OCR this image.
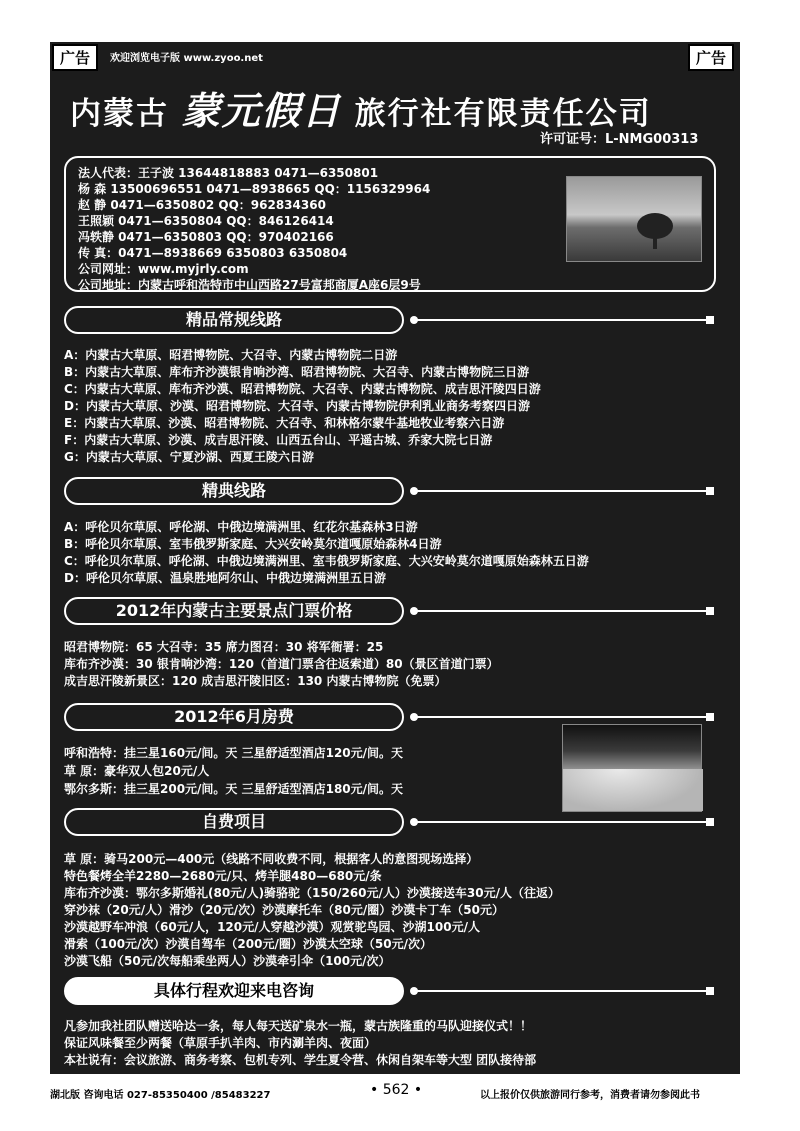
广告	广告
欢迎浏览电子版 www.zyoo.net
内蒙古 蒙元假日 旅行社有限责任公司
许可证号：L-NMG00313
法人代表：王子波 13644818883 0471—6350801
杨 森 13500696551 0471—8938665 QQ：1156329964
赵 静 0471—6350802 QQ：962834360
王照颖 0471—6350804 QQ：846126414
冯轶静 0471—6350803 QQ：970402166
传 真：0471—8938669 6350803 6350804
公司网址：www.myjrly.com
公司地址：内蒙古呼和浩特市中山西路27号富邦商厦A座6层9号
精品常规线路
A：内蒙古大草原、昭君博物院、大召寺、内蒙古博物院二日游
B：内蒙古大草原、库布齐沙漠银肯响沙湾、昭君博物院、大召寺、内蒙古博物院三日游
C：内蒙古大草原、库布齐沙漠、昭君博物院、大召寺、内蒙古博物院、成吉思汗陵四日游
D：内蒙古大草原、沙漠、昭君博物院、大召寺、内蒙古博物院伊利乳业商务考察四日游
E：内蒙古大草原、沙漠、昭君博物院、大召寺、和林格尔蒙牛基地牧业考察六日游
F：内蒙古大草原、沙漠、成吉思汗陵、山西五台山、平遥古城、乔家大院七日游
G：内蒙古大草原、宁夏沙湖、西夏王陵六日游
精典线路
A：呼伦贝尔草原、呼伦湖、中俄边境满洲里、红花尔基森林3日游
B：呼伦贝尔草原、室韦俄罗斯家庭、大兴安岭莫尔道嘎原始森林4日游
C：呼伦贝尔草原、呼伦湖、中俄边境满洲里、室韦俄罗斯家庭、大兴安岭莫尔道嘎原始森林五日游
D：呼伦贝尔草原、温泉胜地阿尔山、中俄边境满洲里五日游
2012年内蒙古主要景点门票价格
昭君博物院：65 大召寺：35 席力图召：30 将军衙署：25
库布齐沙漠：30 银肯响沙湾：120（首道门票含往返索道）80（景区首道门票）
成吉思汗陵新景区：120 成吉思汗陵旧区：130 内蒙古博物院（免票）
2012年6月房费
呼和浩特：挂三星160元/间。天 三星舒适型酒店120元/间。天
草 原：豪华双人包20元/人
鄂尔多斯：挂三星200元/间。天 三星舒适型酒店180元/间。天
自费项目
草 原：骑马200元—400元（线路不同收费不同，根据客人的意图现场选择）
特色餐烤全羊2280—2680元/只、烤羊腿480—680元/条
库布齐沙漠：鄂尔多斯婚礼(80元/人)骑骆驼（150/260元/人）沙漠接送车30元/人（往返）
穿沙袜（20元/人）滑沙（20元/次）沙漠摩托车（80元/圈）沙漠卡丁车（50元）
沙漠越野车冲浪（60元/人，120元/人穿越沙漠）观赏驼鸟园、沙湖100元/人
滑索（100元/次）沙漠自驾车（200元/圈）沙漠太空球（50元/次）
沙漠飞船（50元/次每船乘坐两人）沙漠牵引伞（100元/次）
具体行程欢迎来电咨询
凡参加我社团队赠送哈达一条，每人每天送矿泉水一瓶，蒙古族隆重的马队迎接仪式！！
保证风味餐至少两餐（草原手扒羊肉、市内涮羊肉、夜面）
本社说有：会议旅游、商务考察、包机专列、学生夏令营、休闲自架车等大型 团队接待部
湖北版 咨询电话 027-85350400 /85483227	• 562 •	以上报价仅供旅游同行参考，消费者请勿参阅此书
